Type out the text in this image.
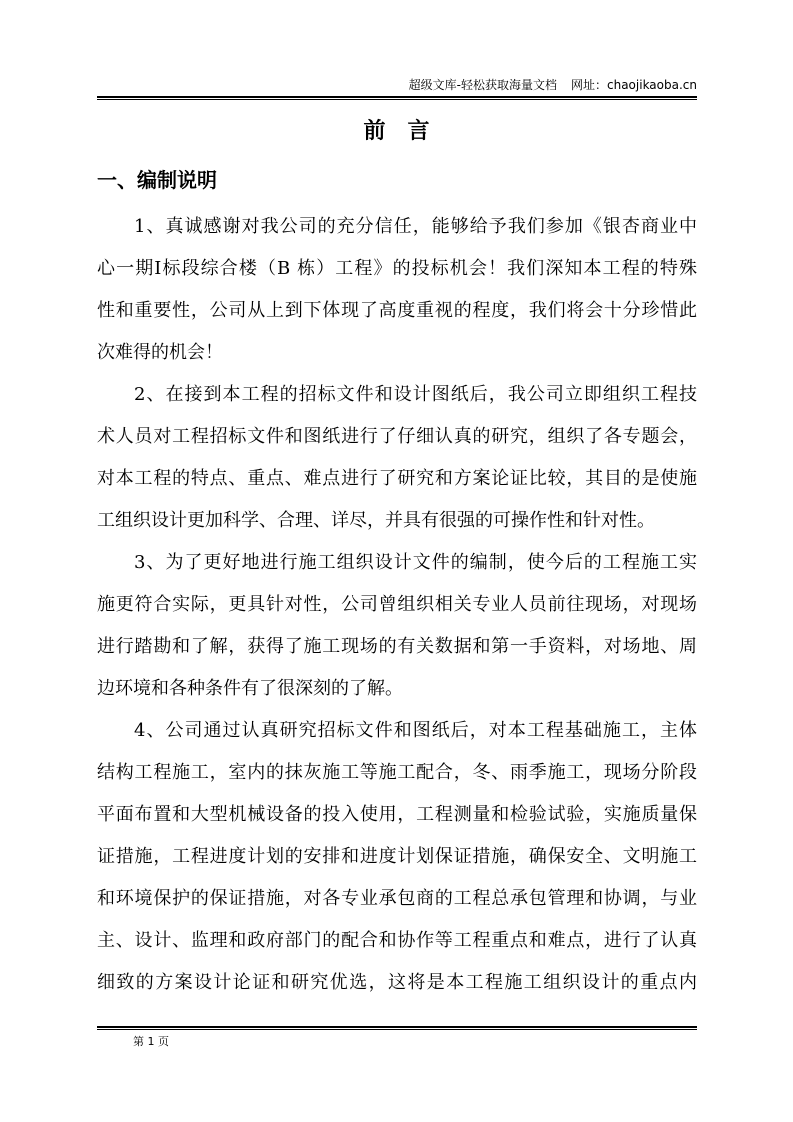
超级文库-轻松获取海量文档 网址：chaojikaoba.cn
前言
一、编制说明
1、真诚感谢对我公司的充分信任，能够给予我们参加《银杏商业中
心一期Ⅰ标段综合楼（B 栋）工程》的投标机会！我们深知本工程的特殊
性和重要性，公司从上到下体现了高度重视的程度，我们将会十分珍惜此
次难得的机会！
2、在接到本工程的招标文件和设计图纸后，我公司立即组织工程技
术人员对工程招标文件和图纸进行了仔细认真的研究，组织了各专题会，
对本工程的特点、重点、难点进行了研究和方案论证比较，其目的是使施
工组织设计更加科学、合理、详尽，并具有很强的可操作性和针对性。
3、为了更好地进行施工组织设计文件的编制，使今后的工程施工实
施更符合实际，更具针对性，公司曾组织相关专业人员前往现场，对现场
进行踏勘和了解，获得了施工现场的有关数据和第一手资料，对场地、周
边环境和各种条件有了很深刻的了解。
4、公司通过认真研究招标文件和图纸后，对本工程基础施工，主体
结构工程施工，室内的抹灰施工等施工配合，冬、雨季施工，现场分阶段
平面布置和大型机械设备的投入使用，工程测量和检验试验，实施质量保
证措施，工程进度计划的安排和进度计划保证措施，确保安全、文明施工
和环境保护的保证措施，对各专业承包商的工程总承包管理和协调，与业
主、设计、监理和政府部门的配合和协作等工程重点和难点，进行了认真
细致的方案设计论证和研究优选，这将是本工程施工组织设计的重点内
第 1 页
